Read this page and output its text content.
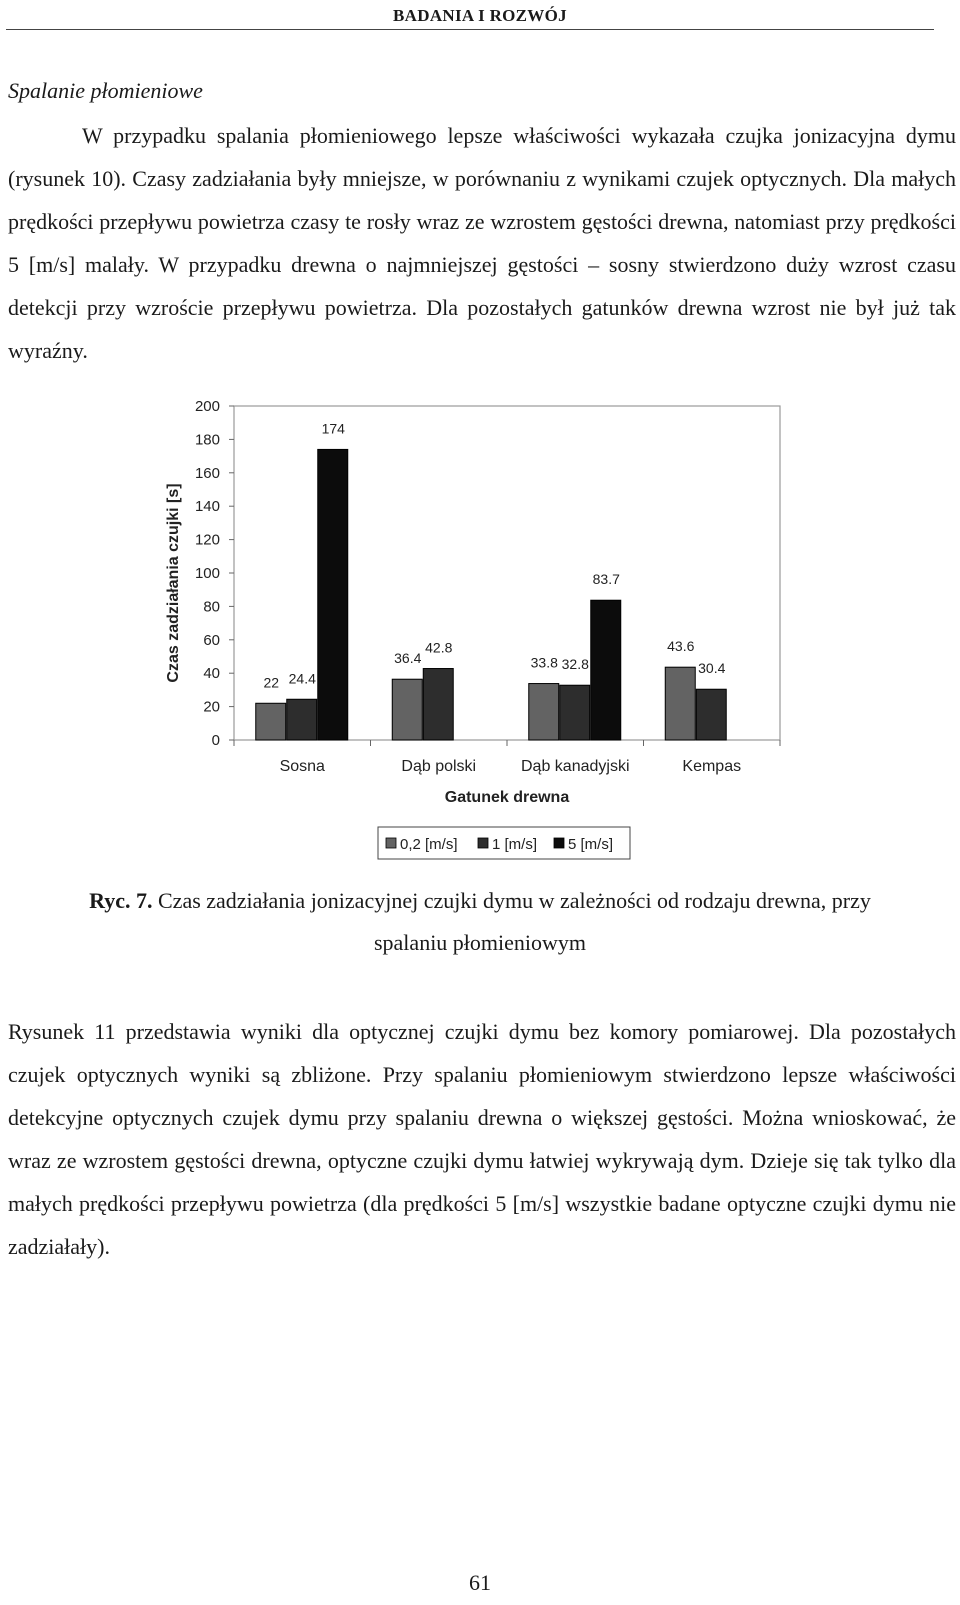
BADANIA I ROZWÓJ
Spalanie płomieniowe

W przypadku spalania płomieniowego lepsze właściwości wykazała czujka jonizacyjna dymu (rysunek 10). Czasy zadziałania były mniejsze, w porównaniu z wynikami czujek optycznych. Dla małych prędkości przepływu powietrza czasy te rosły wraz ze wzrostem gęstości drewna, natomiast przy prędkości 5 [m/s] malały. W przypadku drewna o najmniejszej gęstości – sosny stwierdzono duży wzrost czasu detekcji przy wzroście przepływu powietrza. Dla pozostałych gatunków drewna wzrost nie był już tak wyraźny.

0
20
40
60
80
100
120
140
160
180
200
22
36.4	33.8
43.6
24.4
42.8
32.8	30.4
174
83.7
Sosna	Dąb polski	Dąb kanadyjski	Kempas
Gatunek drewna
Czas zadziałania czujki [s]
0,2 [m/s] 1 [m/s] 5 [m/s]
Ryc. 7. Czas zadziałania jonizacyjnej czujki dymu w zależności od rodzaju drewna, przy
spalaniu płomieniowym

Rysunek 11 przedstawia wyniki dla optycznej czujki dymu bez komory pomiarowej. Dla pozostałych czujek optycznych wyniki są zbliżone. Przy spalaniu płomieniowym stwierdzono lepsze właściwości detekcyjne optycznych czujek dymu przy spalaniu drewna o większej gęstości. Można wnioskować, że wraz ze wzrostem gęstości drewna, optyczne czujki dymu łatwiej wykrywają dym. Dzieje się tak tylko dla małych prędkości przepływu powietrza (dla prędkości 5 [m/s] wszystkie badane optyczne czujki dymu nie zadziałały).

61
